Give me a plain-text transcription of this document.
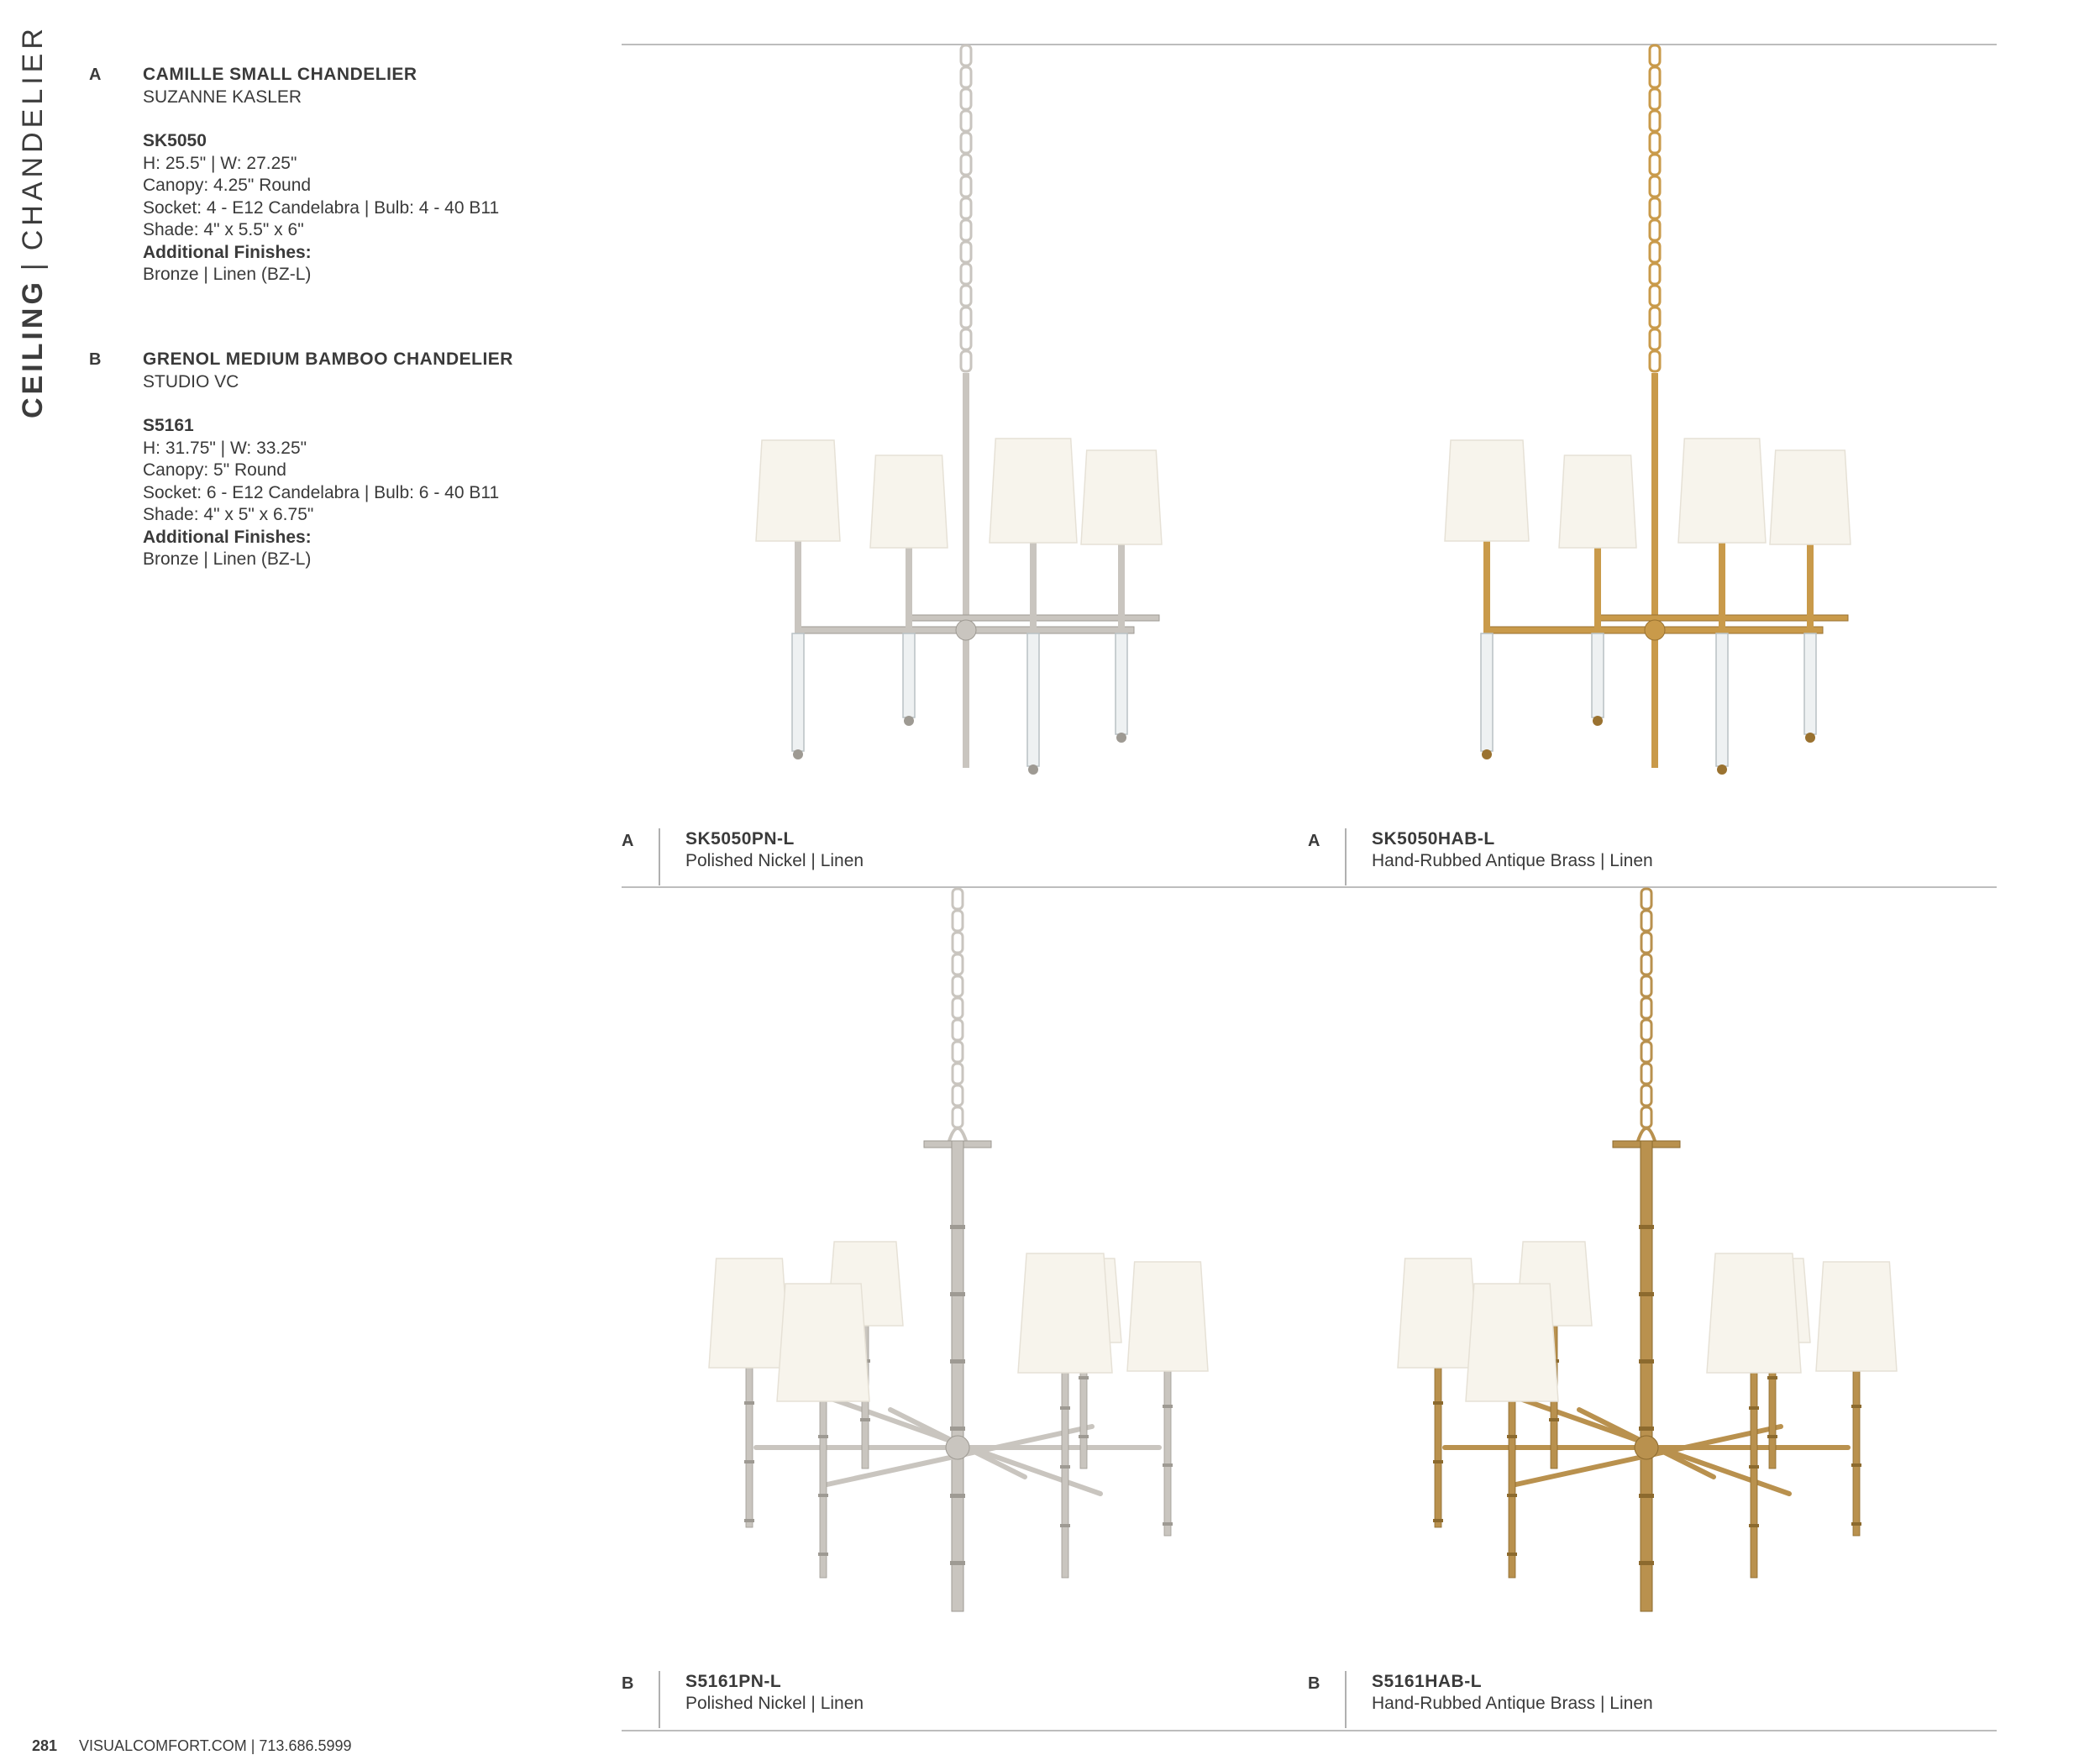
CEILING|CHANDELIER	A CAMILLE SMALL CHANDELIER
SUZANNE KASLER
SK5050
H: 25.5" | W: 27.25"
Canopy: 4.25" Round
Socket: 4 - E12 Candelabra | Bulb: 4 - 40 B11
Shade: 4" x 5.5" x 6"
Additional Finishes:
Bronze | Linen (BZ-L)
B GRENOL MEDIUM BAMBOO CHANDELIER
STUDIO VC
S5161
H: 31.75" | W: 33.25"
Canopy: 5" Round
Socket: 6 - E12 Candelabra | Bulb: 6 - 40 B11
Shade: 4" x 5" x 6.75"
Additional Finishes:
Bronze | Linen (BZ-L)
A	SK5050PN-L
Polished Nickel | Linen
A	SK5050HAB-L
Hand-Rubbed Antique Brass | Linen
B	S5161PN-L
Polished Nickel | Linen
B	S5161HAB-L
Hand-Rubbed Antique Brass | Linen
281 VISUALCOMFORT.COM | 713.686.5999
